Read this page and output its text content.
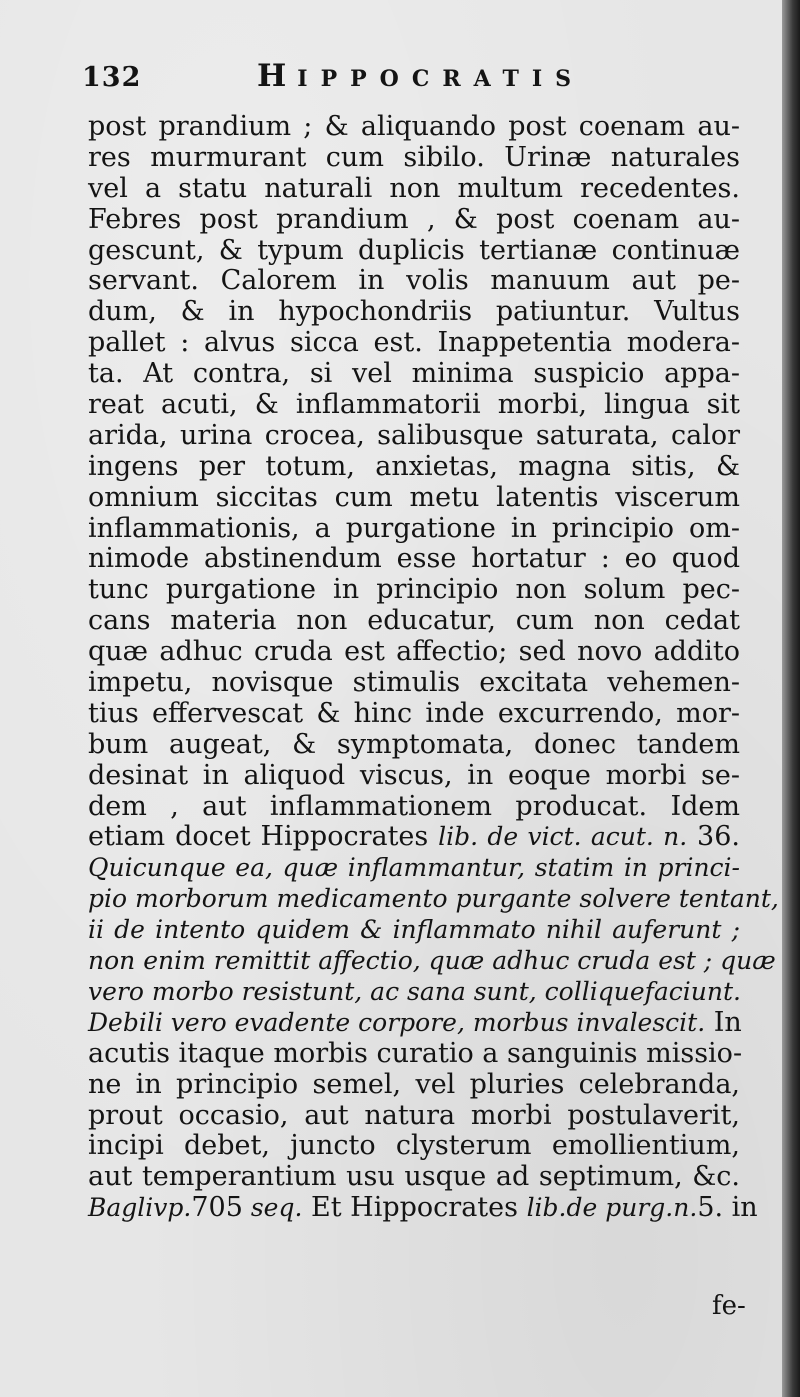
132	HIPPOCRATIS
post prandium ; & aliquando post coenam au-
res murmurant cum sibilo. Urinæ naturales
vel a statu naturali non multum recedentes.
Febres post prandium , & post coenam au-
gescunt, & typum duplicis tertianæ continuæ
servant. Calorem in volis manuum aut pe-
dum, & in hypochondriis patiuntur. Vultus
pallet : alvus sicca est. Inappetentia modera-
ta. At contra, si vel minima suspicio appa-
reat acuti, & inflammatorii morbi, lingua sit
arida, urina crocea, salibusque saturata, calor
ingens per totum, anxietas, magna sitis, &
omnium siccitas cum metu latentis viscerum
inflammationis, a purgatione in principio om-
nimode abstinendum esse hortatur : eo quod
tunc purgatione in principio non solum pec-
cans materia non educatur, cum non cedat
quæ adhuc cruda est affectio; sed novo addito
impetu, novisque stimulis excitata vehemen-
tius effervescat & hinc inde excurrendo, mor-
bum augeat, & symptomata, donec tandem
desinat in aliquod viscus, in eoque morbi se-
dem , aut inflammationem producat. Idem
etiam docet Hippocrates lib. de vict. acut. n. 36.
Quicunque ea, quæ inflammantur, statim in princi-
pio morborum medicamento purgante solvere tentant,
ii de intento quidem & inflammato nihil auferunt ;
non enim remittit affectio, quæ adhuc cruda est ; quæ
vero morbo resistunt, ac sana sunt, colliquefaciunt.
Debili vero evadente corpore, morbus invalescit. In
acutis itaque morbis curatio a sanguinis missio-
ne in principio semel, vel pluries celebranda,
prout occasio, aut natura morbi postulaverit,
incipi debet, juncto clysterum emollientium,
aut temperantium usu usque ad septimum, &c.
Baglivp.705 seq. Et Hippocrates lib.de purg.n.5. in
fe-
